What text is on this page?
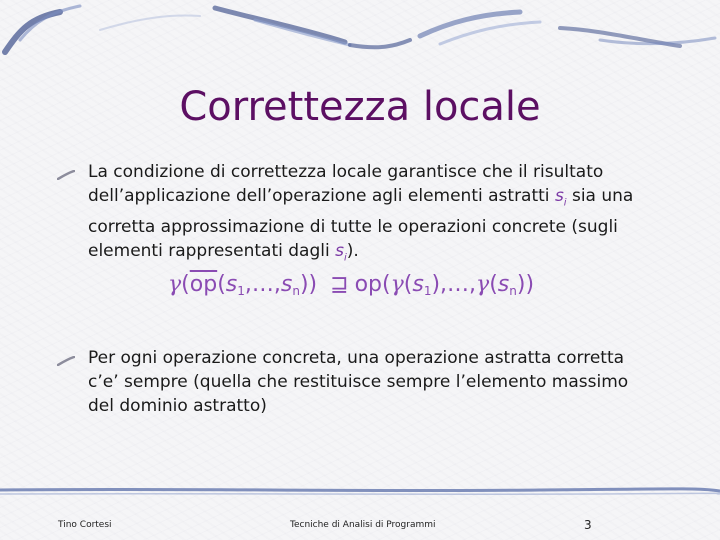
Correttezza locale
La condizione di correttezza locale garantisce che il risultato dell’applicazione dell’operazione agli elementi astratti $s_i$ sia una corretta approssimazione di tutte le operazioni concrete (sugli elementi rappresentati dagli $s_i$).
$\gamma(\overline{op}(s_1,\dots,s_n))$ ⊒ $op(\gamma(s_1),\dots,\gamma(s_n))$
Per ogni operazione concreta, una operazione astratta corretta c’e’ sempre (quella che restituisce sempre l’elemento massimo del dominio astratto)
Tino Cortesi	Tecniche di Analisi di Programmi	3
